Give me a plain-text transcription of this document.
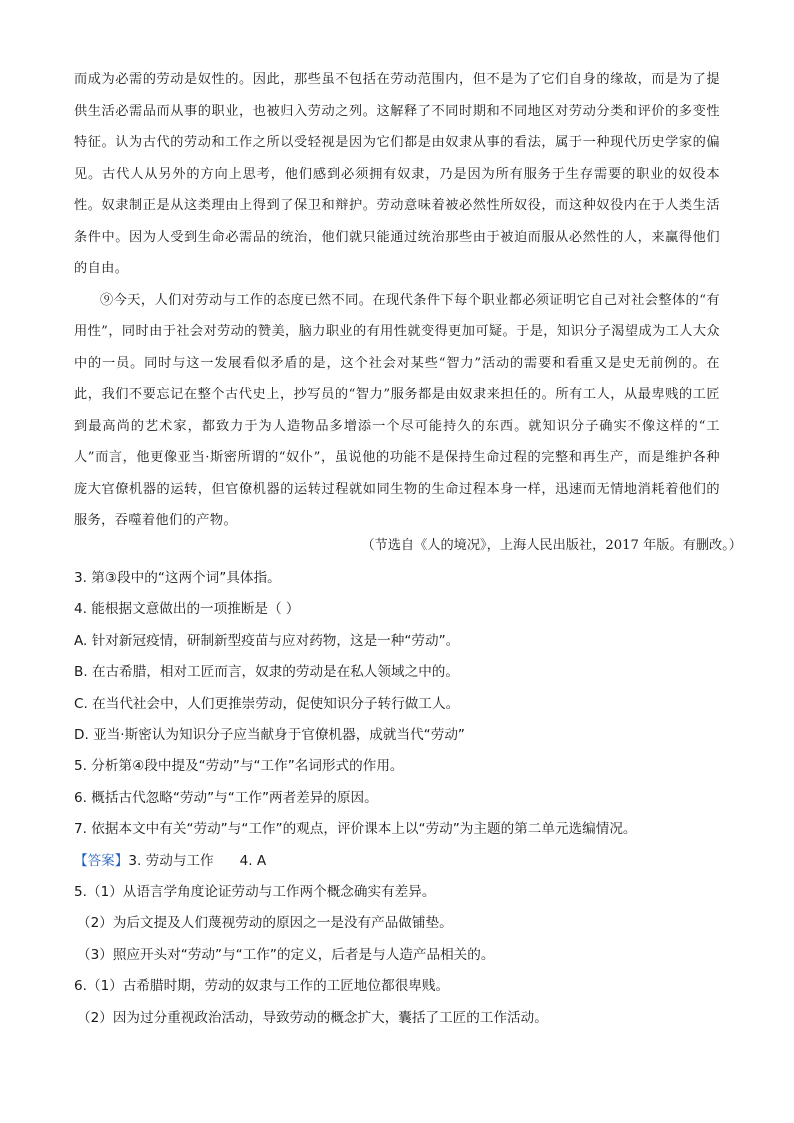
而成为必需的劳动是奴性的。因此，那些虽不包括在劳动范围内，但不是为了它们自身的缘故，而是为了提供生活必需品而从事的职业，也被归入劳动之列。这解释了不同时期和不同地区对劳动分类和评价的多变性特征。认为古代的劳动和工作之所以受轻视是因为它们都是由奴隶从事的看法，属于一种现代历史学家的偏见。古代人从另外的方向上思考，他们感到必须拥有奴隶，乃是因为所有服务于生存需要的职业的奴役本性。奴隶制正是从这类理由上得到了保卫和辩护。劳动意味着被必然性所奴役，而这种奴役内在于人类生活条件中。因为人受到生命必需品的统治，他们就只能通过统治那些由于被迫而服从必然性的人，来赢得他们的自由。

⑨今天，人们对劳动与工作的态度已然不同。在现代条件下每个职业都必须证明它自己对社会整体的“有用性”，同时由于社会对劳动的赞美，脑力职业的有用性就变得更加可疑。于是，知识分子渴望成为工人大众中的一员。同时与这一发展看似矛盾的是，这个社会对某些“智力”活动的需要和看重又是史无前例的。在此，我们不要忘记在整个古代史上，抄写员的“智力”服务都是由奴隶来担任的。所有工人，从最卑贱的工匠到最高尚的艺术家，都致力于为人造物品多增添一个尽可能持久的东西。就知识分子确实不像这样的“工人”而言，他更像亚当·斯密所谓的“奴仆”，虽说他的功能不是保持生命过程的完整和再生产，而是维护各种庞大官僚机器的运转，但官僚机器的运转过程就如同生物的生命过程本身一样，迅速而无情地消耗着他们的服务，吞噬着他们的产物。

（节选自《人的境况》，上海人民出版社，2017 年版。有删改。）
3. 第③段中的“这两个词”具体指。
4. 能根据文意做出的一项推断是（ ）
A. 针对新冠疫情，研制新型疫苗与应对药物，这是一种“劳动”。
B. 在古希腊，相对工匠而言，奴隶的劳动是在私人领域之中的。
C. 在当代社会中，人们更推崇劳动，促使知识分子转行做工人。
D. 亚当·斯密认为知识分子应当献身于官僚机器，成就当代“劳动”
5. 分析第④段中提及“劳动”与“工作”名词形式的作用。
6. 概括古代忽略“劳动”与“工作”两者差异的原因。
7. 依据本文中有关“劳动”与“工作”的观点，评价课本上以“劳动”为主题的第二单元选编情况。
【答案】3. 劳动与工作 4. A
5.（1）从语言学角度论证劳动与工作两个概念确实有差异。
（2）为后文提及人们蔑视劳动的原因之一是没有产品做铺垫。
（3）照应开头对“劳动”与“工作”的定义，后者是与人造产品相关的。
6.（1）古希腊时期，劳动的奴隶与工作的工匠地位都很卑贱。
（2）因为过分重视政治活动，导致劳动的概念扩大，囊括了工匠的工作活动。
